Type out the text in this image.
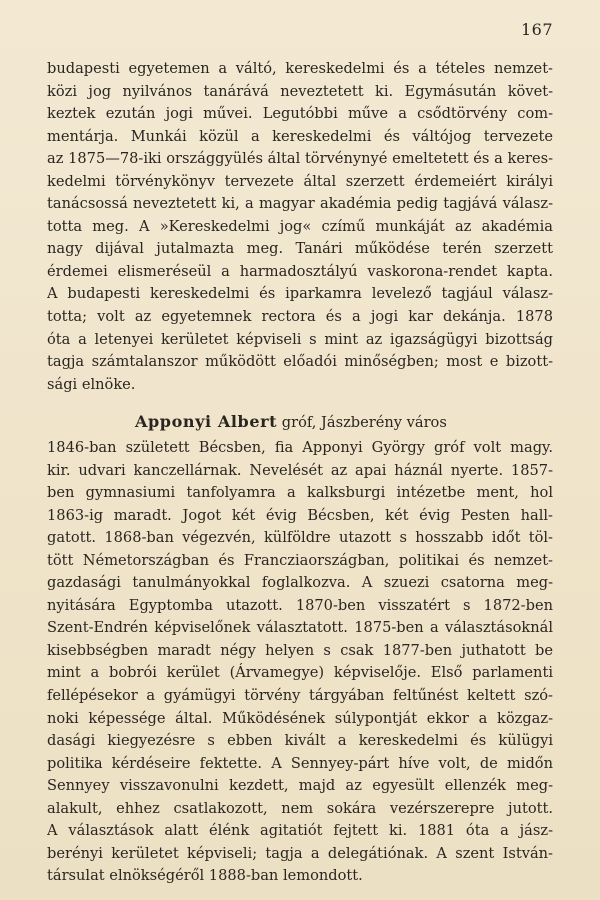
167
budapesti egyetemen a váltó, kereskedelmi és a tételes nemzet-
közi jog nyilvános tanárává neveztetett ki. Egymásután követ-
keztek ezután jogi művei. Legutóbbi műve a csődtörvény com-
mentárja. Munkái közül a kereskedelmi és váltójog tervezete
az 1875—78-iki országgyülés által törvénynyé emeltetett és a keres-
kedelmi törvénykönyv tervezete által szerzett érdemeiért királyi
tanácsossá neveztetett ki, a magyar akadémia pedig tagjává válasz-
totta meg. A »Kereskedelmi jog« czímű munkáját az akadémia
nagy dijával jutalmazta meg. Tanári működése terén szerzett
érdemei elismeréseül a harmadosztályú vaskorona-rendet kapta.
A budapesti kereskedelmi és iparkamra levelező tagjául válasz-
totta; volt az egyetemnek rectora és a jogi kar dekánja. 1878
óta a letenyei kerületet képviseli s mint az igazságügyi bizottság
tagja számtalanszor működött előadói minőségben; most e bizott-
sági elnöke.
Apponyi Albert gróf, Jászberény város
1846-ban született Bécsben, fia Apponyi György gróf volt magy.
kir. udvari kanczellárnak. Nevelését az apai háznál nyerte. 1857-
ben gymnasiumi tanfolyamra a kalksburgi intézetbe ment, hol
1863-ig maradt. Jogot két évig Bécsben, két évig Pesten hall-
gatott. 1868-ban végezvén, külföldre utazott s hosszabb időt töl-
tött Németországban és Francziaországban, politikai és nemzet-
gazdasági tanulmányokkal foglalkozva. A szuezi csatorna meg-
nyitására Egyptomba utazott. 1870-ben visszatért s 1872-ben
Szent-Endrén képviselőnek választatott. 1875-ben a választásoknál
kisebbségben maradt négy helyen s csak 1877-ben juthatott be
mint a bobrói kerület (Árvamegye) képviselője. Első parlamenti
fellépésekor a gyámügyi törvény tárgyában feltűnést keltett szó-
noki képessége által. Működésének súlypontját ekkor a közgaz-
dasági kiegyezésre s ebben kivált a kereskedelmi és külügyi
politika kérdéseire fektette. A Sennyey-párt híve volt, de midőn
Sennyey visszavonulni kezdett, majd az egyesült ellenzék meg-
alakult, ehhez csatlakozott, nem sokára vezérszerepre jutott.
A választások alatt élénk agitatiót fejtett ki. 1881 óta a jász-
berényi kerületet képviseli; tagja a delegátiónak. A szent István-
társulat elnökségéről 1888-ban lemondott.
